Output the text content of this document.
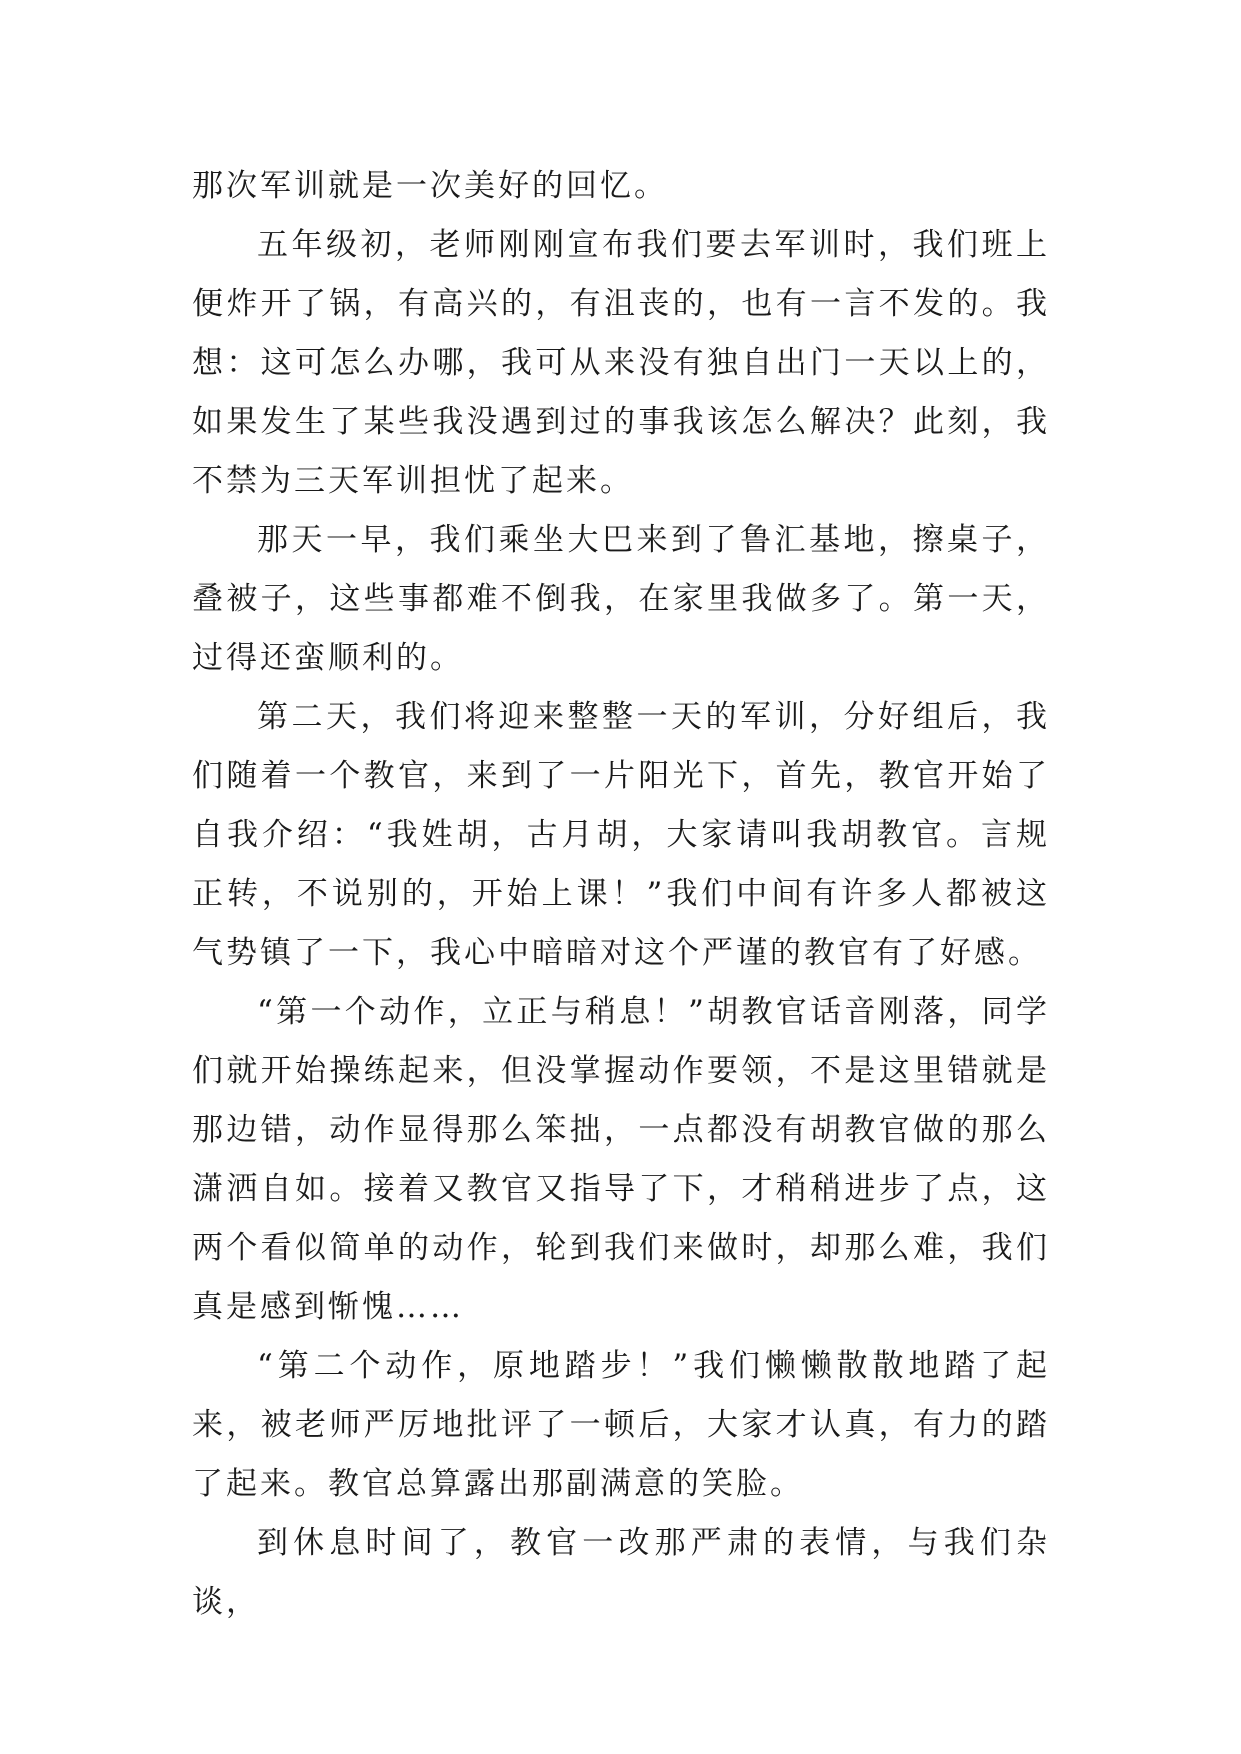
那次军训就是一次美好的回忆。

五年级初，老师刚刚宣布我们要去军训时，我们班上便炸开了锅，有高兴的，有沮丧的，也有一言不发的。我想：这可怎么办哪，我可从来没有独自出门一天以上的，如果发生了某些我没遇到过的事我该怎么解决？此刻，我不禁为三天军训担忧了起来。

那天一早，我们乘坐大巴来到了鲁汇基地，擦桌子，叠被子，这些事都难不倒我，在家里我做多了。第一天，过得还蛮顺利的。

第二天，我们将迎来整整一天的军训，分好组后，我们随着一个教官，来到了一片阳光下，首先，教官开始了自我介绍：“我姓胡，古月胡，大家请叫我胡教官。言规正转，不说别的，开始上课！”我们中间有许多人都被这气势镇了一下，我心中暗暗对这个严谨的教官有了好感。

“第一个动作，立正与稍息！”胡教官话音刚落，同学们就开始操练起来，但没掌握动作要领，不是这里错就是那边错，动作显得那么笨拙，一点都没有胡教官做的那么潇洒自如。接着又教官又指导了下，才稍稍进步了点，这两个看似简单的动作，轮到我们来做时，却那么难，我们真是感到惭愧……

“第二个动作，原地踏步！”我们懒懒散散地踏了起来，被老师严厉地批评了一顿后，大家才认真，有力的踏了起来。教官总算露出那副满意的笑脸。

到休息时间了，教官一改那严肃的表情，与我们杂谈，
